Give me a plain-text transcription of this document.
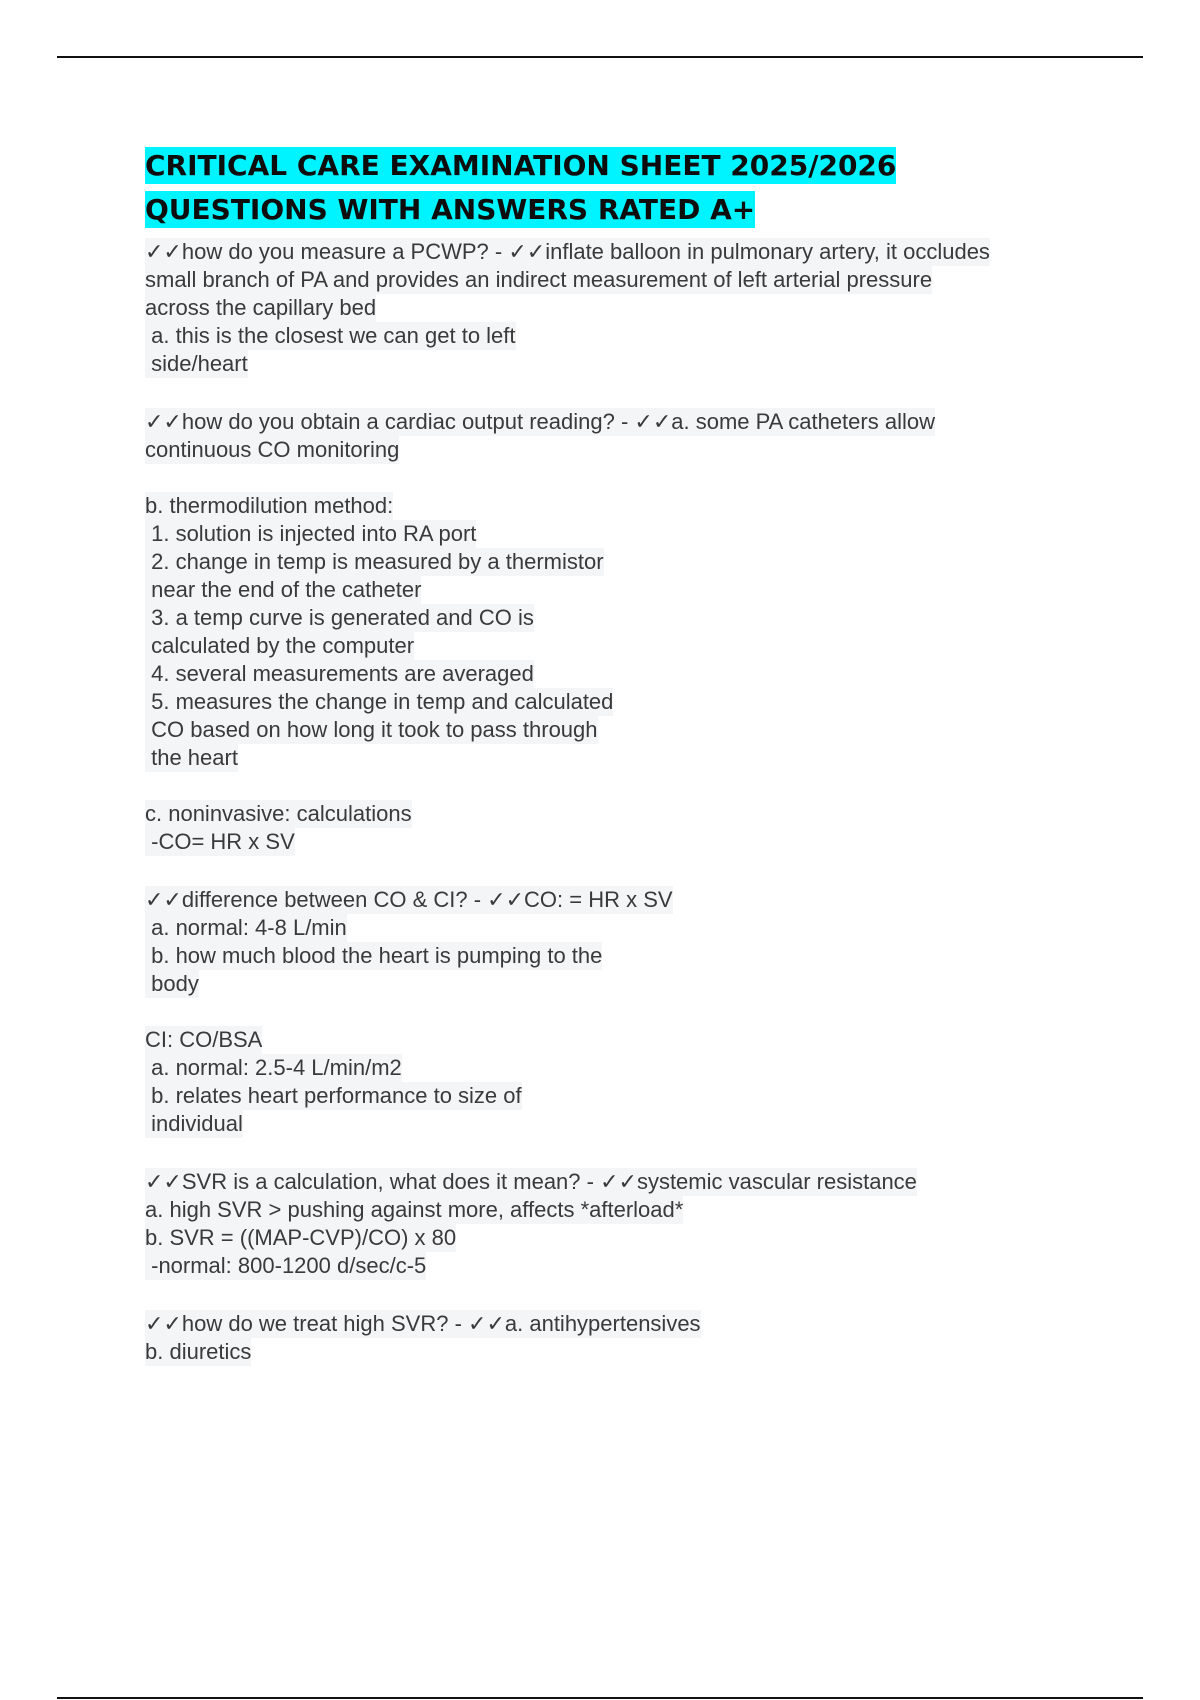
CRITICAL CARE EXAMINATION SHEET 2025/2026
QUESTIONS WITH ANSWERS RATED A+
✓✓how do you measure a PCWP? - ✓✓inflate balloon in pulmonary artery, it occludes
small branch of PA and provides an indirect measurement of left arterial pressure
across the capillary bed
a. this is the closest we can get to left
side/heart
✓✓how do you obtain a cardiac output reading? - ✓✓a. some PA catheters allow
continuous CO monitoring
b. thermodilution method:
1. solution is injected into RA port
2. change in temp is measured by a thermistor
near the end of the catheter
3. a temp curve is generated and CO is
calculated by the computer
4. several measurements are averaged
5. measures the change in temp and calculated
CO based on how long it took to pass through
the heart
c. noninvasive: calculations
-CO= HR x SV
✓✓difference between CO & CI? - ✓✓CO: = HR x SV
a. normal: 4-8 L/min
b. how much blood the heart is pumping to the
body
CI: CO/BSA
a. normal: 2.5-4 L/min/m2
b. relates heart performance to size of
individual
✓✓SVR is a calculation, what does it mean? - ✓✓systemic vascular resistance
a. high SVR > pushing against more, affects *afterload*
b. SVR = ((MAP-CVP)/CO) x 80
-normal: 800-1200 d/sec/c-5
✓✓how do we treat high SVR? - ✓✓a. antihypertensives
b. diuretics
